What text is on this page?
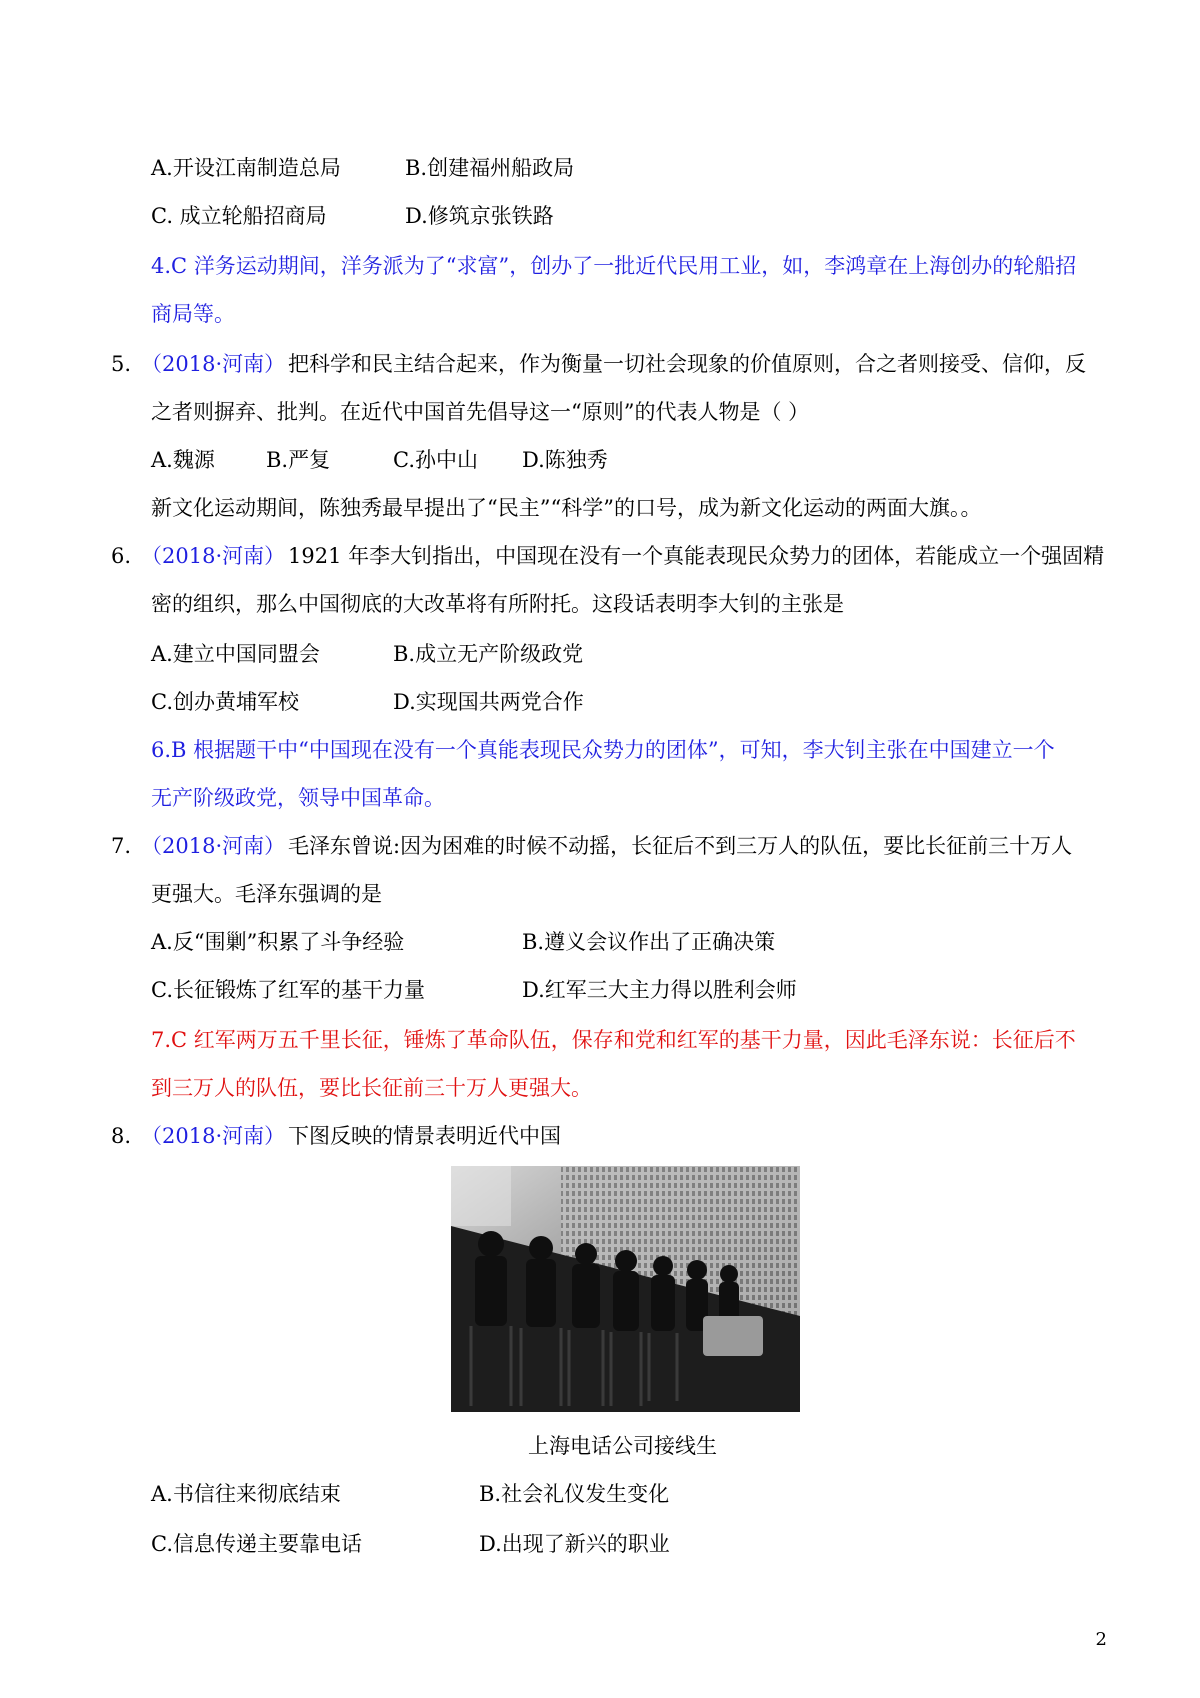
A.开设江南制造总局	B.创建福州船政局
C. 成立轮船招商局	D.修筑京张铁路
4.C 洋务运动期间，洋务派为了“求富”，创办了一批近代民用工业，如，李鸿章在上海创办的轮船招
商局等。
5. （2018·河南） 把科学和民主结合起来，作为衡量一切社会现象的价值原则，合之者则接受、信仰，反
之者则摒弃、批判。在近代中国首先倡导这一“原则”的代表人物是（ ）
A.魏源 B.严复	C.孙中山 D.陈独秀
新文化运动期间，陈独秀最早提出了“民主”“科学”的口号，成为新文化运动的两面大旗。。
6. （2018·河南） 1921 年李大钊指出，中国现在没有一个真能表现民众势力的团体，若能成立一个强固精
密的组织，那么中国彻底的大改革将有所附托。这段话表明李大钊的主张是
A.建立中国同盟会	B.成立无产阶级政党
C.创办黄埔军校	D.实现国共两党合作
6.B 根据题干中“中国现在没有一个真能表现民众势力的团体”，可知，李大钊主张在中国建立一个
无产阶级政党，领导中国革命。
7. （2018·河南） 毛泽东曾说:因为困难的时候不动摇，长征后不到三万人的队伍，要比长征前三十万人
更强大。毛泽东强调的是
A.反“围剿”积累了斗争经验	B.遵义会议作出了正确决策
C.长征锻炼了红军的基干力量	D.红军三大主力得以胜利会师
7.C 红军两万五千里长征，锤炼了革命队伍，保存和党和红军的基干力量，因此毛泽东说：长征后不
到三万人的队伍，要比长征前三十万人更强大。
8. （2018·河南） 下图反映的情景表明近代中国
上海电话公司接线生
A.书信往来彻底结束	B.社会礼仪发生变化
C.信息传递主要靠电话	D.出现了新兴的职业
2
